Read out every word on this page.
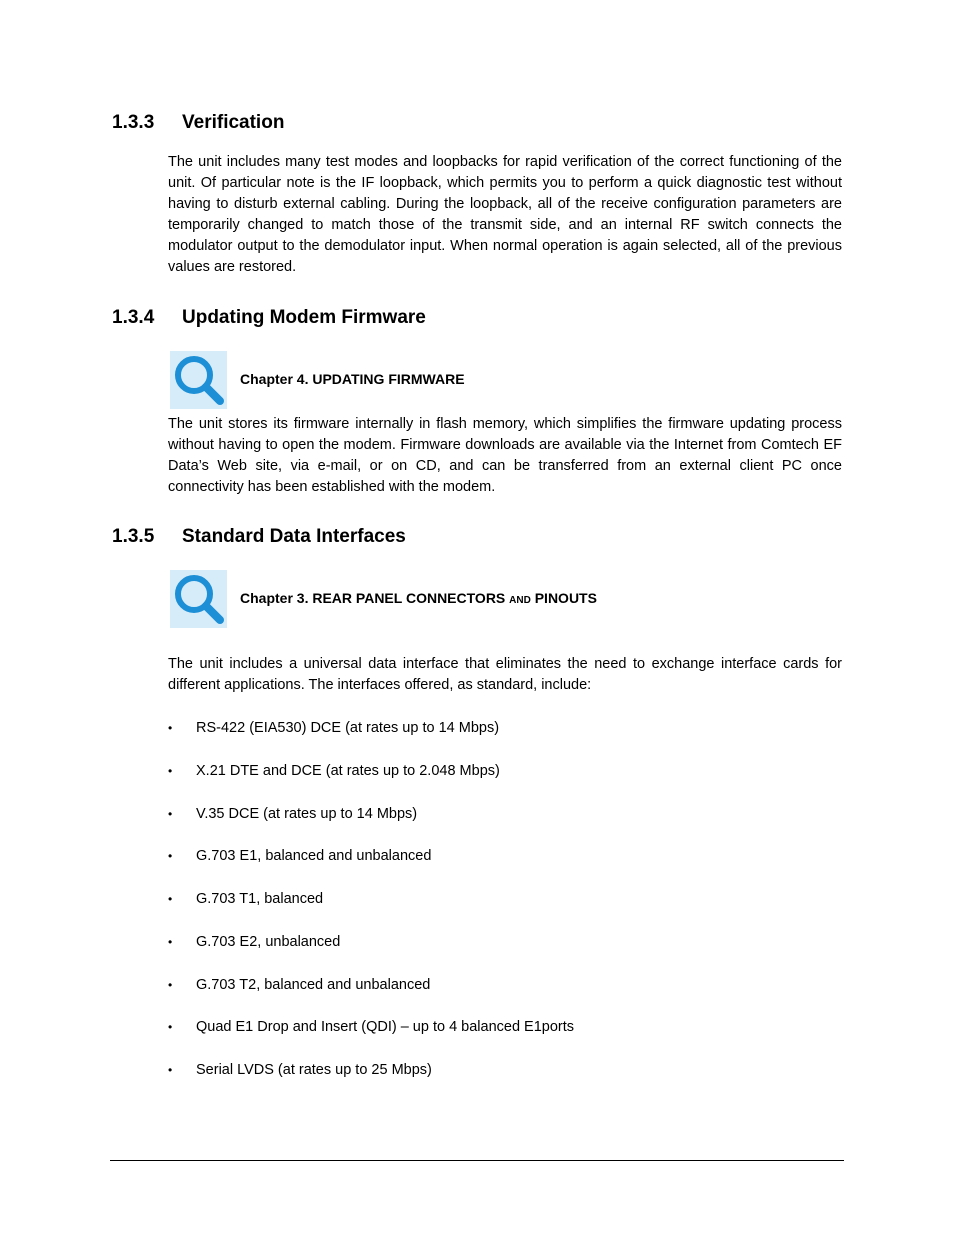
1.3.3 Verification

The unit includes many test modes and loopbacks for rapid verification of the correct functioning of the unit. Of particular note is the IF loopback, which permits you to perform a quick diagnostic test without having to disturb external cabling. During the loopback, all of the receive configuration parameters are temporarily changed to match those of the transmit side, and an internal RF switch connects the modulator output to the demodulator input. When normal operation is again selected, all of the previous values are restored.

1.3.4 Updating Modem Firmware
Chapter 4. UPDATING FIRMWARE

The unit stores its firmware internally in flash memory, which simplifies the firmware updating process without having to open the modem. Firmware downloads are available via the Internet from Comtech EF Data’s Web site, via e-mail, or on CD, and can be transferred from an external client PC once connectivity has been established with the modem.

1.3.5 Standard Data Interfaces
Chapter 3. REAR PANEL CONNECTORS AND PINOUTS

The unit includes a universal data interface that eliminates the need to exchange interface cards for different applications. The interfaces offered, as standard, include:

• RS-422 (EIA530) DCE (at rates up to 14 Mbps)

• X.21 DTE and DCE (at rates up to 2.048 Mbps)

• V.35 DCE (at rates up to 14 Mbps)

• G.703 E1, balanced and unbalanced

• G.703 T1, balanced

• G.703 E2, unbalanced

• G.703 T2, balanced and unbalanced

• Quad E1 Drop and Insert (QDI) – up to 4 balanced E1ports

• Serial LVDS (at rates up to 25 Mbps)
